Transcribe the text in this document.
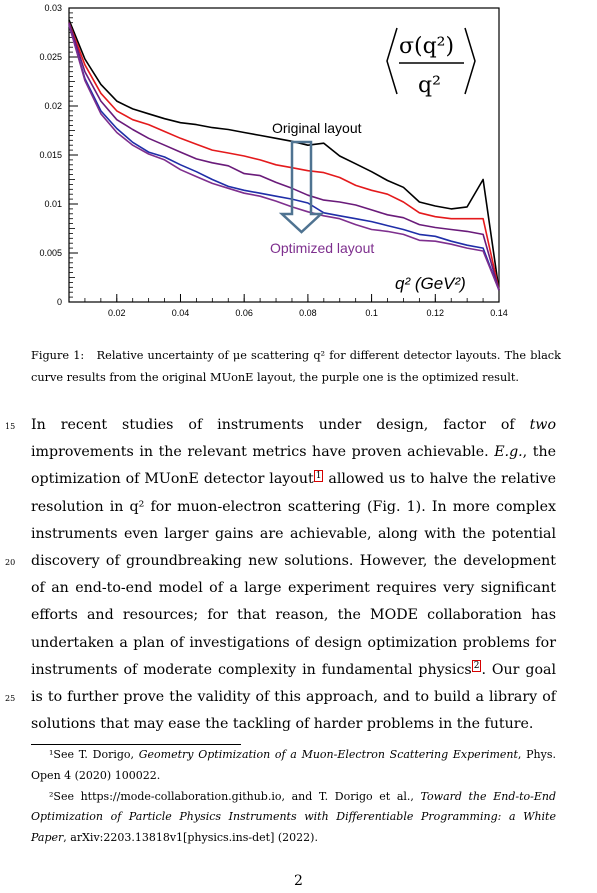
0
0.005
0.01
0.015
0.02
0.025
0.03
0.02	0.04	0.06	0.08	0.1	0.12	0.14
Original layout
Optimized layout
q² (GeV²)
σ(q²)
q²
Figure 1: Relative uncertainty of μe scattering q² for different detector layouts. The black curve results from the original MUonE layout, the purple one is the optimized result.
15
20
25
In recent studies of instruments under design, factor of two improvements in the relevant metrics have proven achievable. E.g., the optimization of MUonE detector layout $^1$ allowed us to halve the relative resolution in q² for muon-electron scattering (Fig. 1). In more complex instruments even larger gains are achievable, along with the potential discovery of groundbreaking new solutions. However, the development of an end-to-end model of a large experiment requires very significant efforts and resources; for that reason, the MODE collaboration has undertaken a plan of investigations of design optimization problems for instruments of moderate complexity in fundamental physics $^2$ . Our goal is to further prove the validity of this approach, and to build a library of solutions that may ease the tackling of harder problems in the future.
¹See T. Dorigo, Geometry Optimization of a Muon-Electron Scattering Experiment, Phys. Open 4 (2020) 100022.
²See https://mode-collaboration.github.io, and T. Dorigo et al., Toward the End-to-End Optimization of Particle Physics Instruments with Differentiable Programming: a White Paper, arXiv:2203.13818v1[physics.ins-det] (2022).
2
